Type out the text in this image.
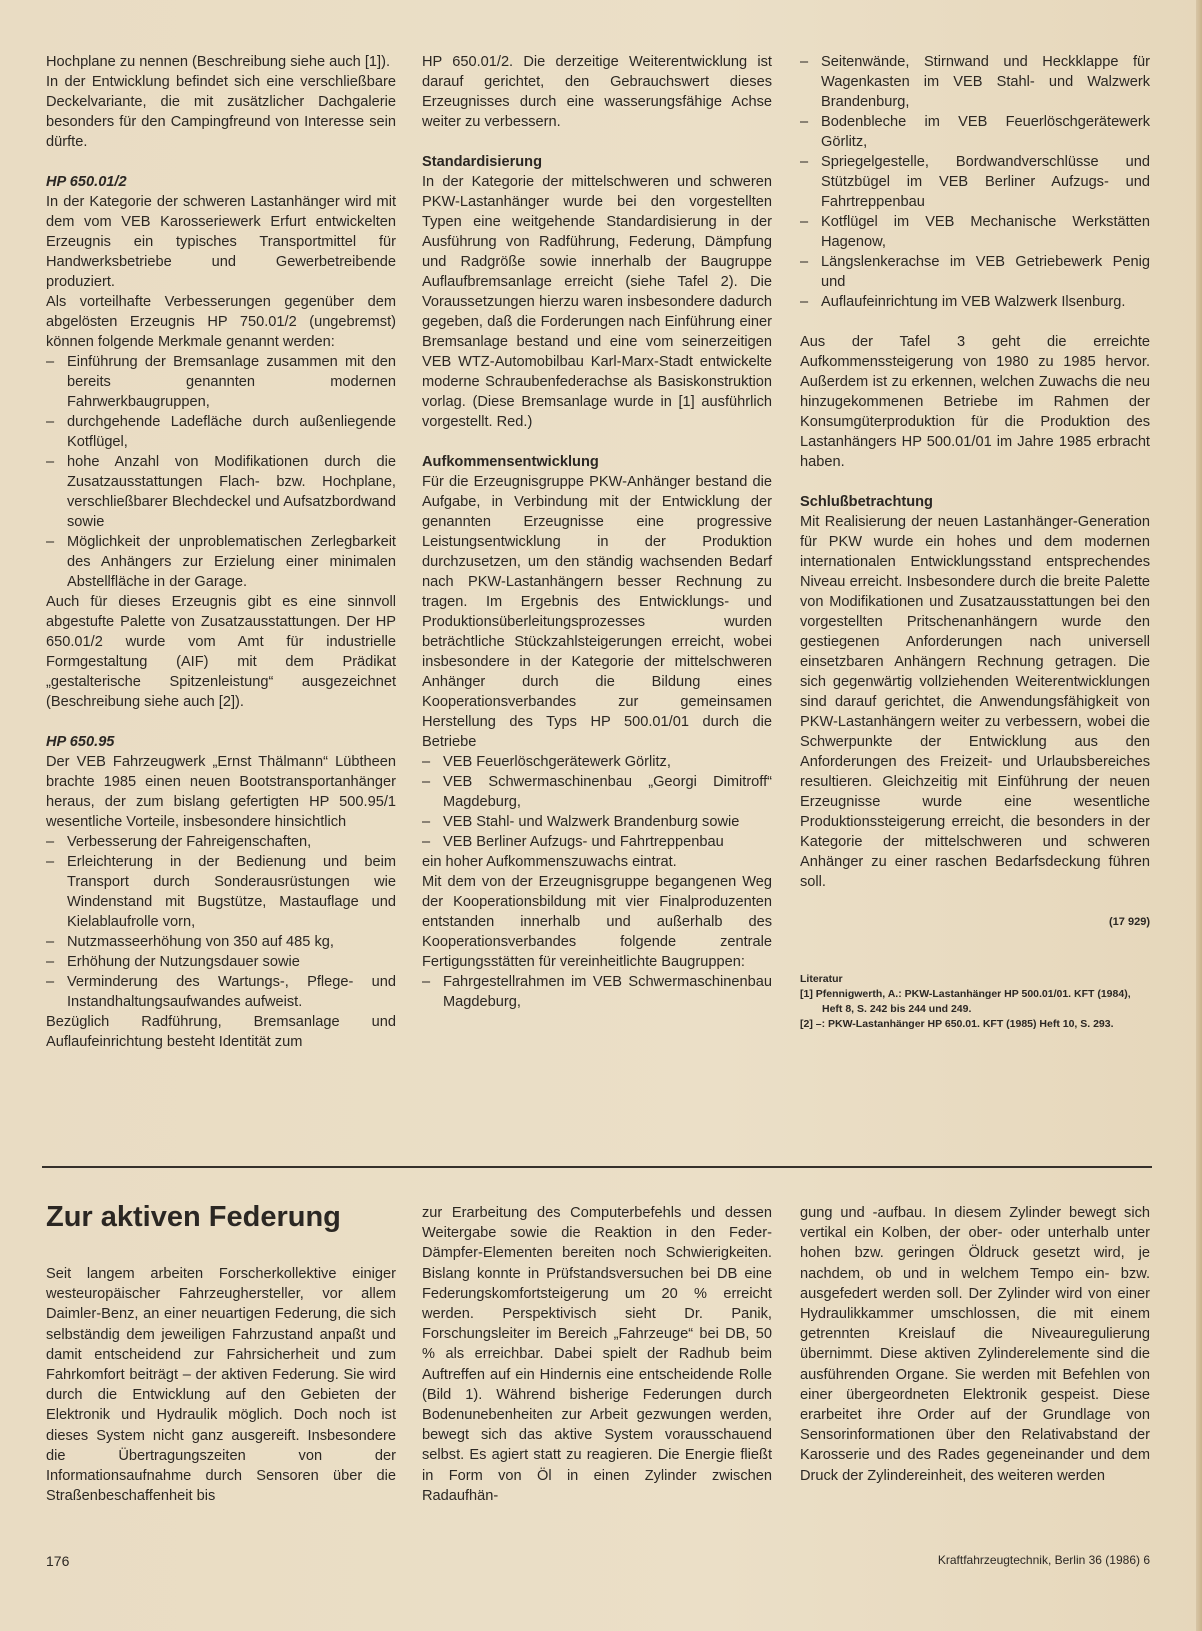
Hochplane zu nennen (Beschreibung siehe auch [1]).

In der Entwicklung befindet sich eine verschließbare Deckelvariante, die mit zusätzlicher Dachgalerie besonders für den Campingfreund von Interesse sein dürfte.

HP 650.01/2

In der Kategorie der schweren Lastanhänger wird mit dem vom VEB Karosseriewerk Erfurt entwickelten Erzeugnis ein typisches Transportmittel für Handwerksbetriebe und Gewerbetreibende produziert.

Als vorteilhafte Verbesserungen gegenüber dem abgelösten Erzeugnis HP 750.01/2 (ungebremst) können folgende Merkmale genannt werden:

– Einführung der Bremsanlage zusammen mit den bereits genannten modernen Fahrwerkbaugruppen,
– durchgehende Ladefläche durch außenliegende Kotflügel,
– hohe Anzahl von Modifikationen durch die Zusatzausstattungen Flach- bzw. Hochplane, verschließbarer Blechdeckel und Aufsatzbordwand sowie
– Möglichkeit der unproblematischen Zerlegbarkeit des Anhängers zur Erzielung einer minimalen Abstellfläche in der Garage.

Auch für dieses Erzeugnis gibt es eine sinnvoll abgestufte Palette von Zusatzausstattungen. Der HP 650.01/2 wurde vom Amt für industrielle Formgestaltung (AIF) mit dem Prädikat „gestalterische Spitzenleistung“ ausgezeichnet (Beschreibung siehe auch [2]).

HP 650.95

Der VEB Fahrzeugwerk „Ernst Thälmann“ Lübtheen brachte 1985 einen neuen Bootstransportanhänger heraus, der zum bislang gefertigten HP 500.95/1 wesentliche Vorteile, insbesondere hinsichtlich

– Verbesserung der Fahreigenschaften,
– Erleichterung in der Bedienung und beim Transport durch Sonderausrüstungen wie Windenstand mit Bugstütze, Mastauflage und Kielablaufrolle vorn,
– Nutzmasseerhöhung von 350 auf 485 kg,
– Erhöhung der Nutzungsdauer sowie
– Verminderung des Wartungs-, Pflege- und Instandhaltungsaufwandes aufweist.

Bezüglich Radführung, Bremsanlage und Auflaufeinrichtung besteht Identität zum

HP 650.01/2. Die derzeitige Weiterentwicklung ist darauf gerichtet, den Gebrauchswert dieses Erzeugnisses durch eine wasserungsfähige Achse weiter zu verbessern.

Standardisierung

In der Kategorie der mittelschweren und schweren PKW-Lastanhänger wurde bei den vorgestellten Typen eine weitgehende Standardisierung in der Ausführung von Radführung, Federung, Dämpfung und Radgröße sowie innerhalb der Baugruppe Auflaufbremsanlage erreicht (siehe Tafel 2). Die Voraussetzungen hierzu waren insbesondere dadurch gegeben, daß die Forderungen nach Einführung einer Bremsanlage bestand und eine vom seinerzeitigen VEB WTZ-Automobilbau Karl-Marx-Stadt entwickelte moderne Schraubenfederachse als Basiskonstruktion vorlag. (Diese Bremsanlage wurde in [1] ausführlich vorgestellt. Red.)

Aufkommensentwicklung

Für die Erzeugnisgruppe PKW-Anhänger bestand die Aufgabe, in Verbindung mit der Entwicklung der genannten Erzeugnisse eine progressive Leistungsentwicklung in der Produktion durchzusetzen, um den ständig wachsenden Bedarf nach PKW-Lastanhängern besser Rechnung zu tragen. Im Ergebnis des Entwicklungs- und Produktionsüberleitungsprozesses wurden beträchtliche Stückzahlsteigerungen erreicht, wobei insbesondere in der Kategorie der mittelschweren Anhänger durch die Bildung eines Kooperationsverbandes zur gemeinsamen Herstellung des Typs HP 500.01/01 durch die Betriebe

– VEB Feuerlöschgerätewerk Görlitz,
– VEB Schwermaschinenbau „Georgi Dimitroff“ Magdeburg,
– VEB Stahl- und Walzwerk Brandenburg sowie
– VEB Berliner Aufzugs- und Fahrtreppenbau

ein hoher Aufkommenszuwachs eintrat.

Mit dem von der Erzeugnisgruppe begangenen Weg der Kooperationsbildung mit vier Finalproduzenten entstanden innerhalb und außerhalb des Kooperationsverbandes folgende zentrale Fertigungsstätten für vereinheitlichte Baugruppen:

– Fahrgestellrahmen im VEB Schwermaschinenbau Magdeburg,
– Seitenwände, Stirnwand und Heckklappe für Wagenkasten im VEB Stahl- und Walzwerk Brandenburg,
– Bodenbleche im VEB Feuerlöschgerätewerk Görlitz,
– Spriegelgestelle, Bordwandverschlüsse und Stützbügel im VEB Berliner Aufzugs- und Fahrtreppenbau
– Kotflügel im VEB Mechanische Werkstätten Hagenow,
– Längslenkerachse im VEB Getriebewerk Penig und
– Auflaufeinrichtung im VEB Walzwerk Ilsenburg.

Aus der Tafel 3 geht die erreichte Aufkommenssteigerung von 1980 zu 1985 hervor. Außerdem ist zu erkennen, welchen Zuwachs die neu hinzugekommenen Betriebe im Rahmen der Konsumgüterproduktion für die Produktion des Lastanhängers HP 500.01/01 im Jahre 1985 erbracht haben.

Schlußbetrachtung

Mit Realisierung der neuen Lastanhänger-Generation für PKW wurde ein hohes und dem modernen internationalen Entwicklungsstand entsprechendes Niveau erreicht. Insbesondere durch die breite Palette von Modifikationen und Zusatzausstattungen bei den vorgestellten Pritschenanhängern wurde den gestiegenen Anforderungen nach universell einsetzbaren Anhängern Rechnung getragen. Die sich gegenwärtig vollziehenden Weiterentwicklungen sind darauf gerichtet, die Anwendungsfähigkeit von PKW-Lastanhängern weiter zu verbessern, wobei die Schwerpunkte der Entwicklung aus den Anforderungen des Freizeit- und Urlaubsbereiches resultieren. Gleichzeitig mit Einführung der neuen Erzeugnisse wurde eine wesentliche Produktionssteigerung erreicht, die besonders in der Kategorie der mittelschweren und schweren Anhänger zu einer raschen Bedarfsdeckung führen soll.

(17 929)

Literatur

[1] Pfennigwerth, A.: PKW-Lastanhänger HP 500.01/01. KFT (1984), Heft 8, S. 242 bis 244 und 249.

[2] –: PKW-Lastanhänger HP 650.01. KFT (1985) Heft 10, S. 293.

Zur aktiven Federung

Seit langem arbeiten Forscherkollektive einiger westeuropäischer Fahrzeughersteller, vor allem Daimler-Benz, an einer neuartigen Federung, die sich selbständig dem jeweiligen Fahrzustand anpaßt und damit entscheidend zur Fahrsicherheit und zum Fahrkomfort beiträgt – der aktiven Federung. Sie wird durch die Entwicklung auf den Gebieten der Elektronik und Hydraulik möglich. Doch noch ist dieses System nicht ganz ausgereift. Insbesondere die Übertragungszeiten von der Informationsaufnahme durch Sensoren über die Straßenbeschaffenheit bis

zur Erarbeitung des Computerbefehls und dessen Weitergabe sowie die Reaktion in den Feder-Dämpfer-Elementen bereiten noch Schwierigkeiten. Bislang konnte in Prüfstandsversuchen bei DB eine Federungskomfortsteigerung um 20 % erreicht werden. Perspektivisch sieht Dr. Panik, Forschungsleiter im Bereich „Fahrzeuge“ bei DB, 50 % als erreichbar. Dabei spielt der Radhub beim Auftreffen auf ein Hindernis eine entscheidende Rolle (Bild 1). Während bisherige Federungen durch Bodenunebenheiten zur Arbeit gezwungen werden, bewegt sich das aktive System vorausschauend selbst. Es agiert statt zu reagieren. Die Energie fließt in Form von Öl in einen Zylinder zwischen Radaufhän-

gung und -aufbau. In diesem Zylinder bewegt sich vertikal ein Kolben, der ober- oder unterhalb unter hohen bzw. geringen Öldruck gesetzt wird, je nachdem, ob und in welchem Tempo ein- bzw. ausgefedert werden soll. Der Zylinder wird von einer Hydraulikkammer umschlossen, die mit einem getrennten Kreislauf die Niveauregulierung übernimmt. Diese aktiven Zylinderelemente sind die ausführenden Organe. Sie werden mit Befehlen von einer übergeordneten Elektronik gespeist. Diese erarbeitet ihre Order auf der Grundlage von Sensorinformationen über den Relativabstand der Karosserie und des Rades gegeneinander und dem Druck der Zylindereinheit, des weiteren werden

176	Kraftfahrzeugtechnik, Berlin 36 (1986) 6
